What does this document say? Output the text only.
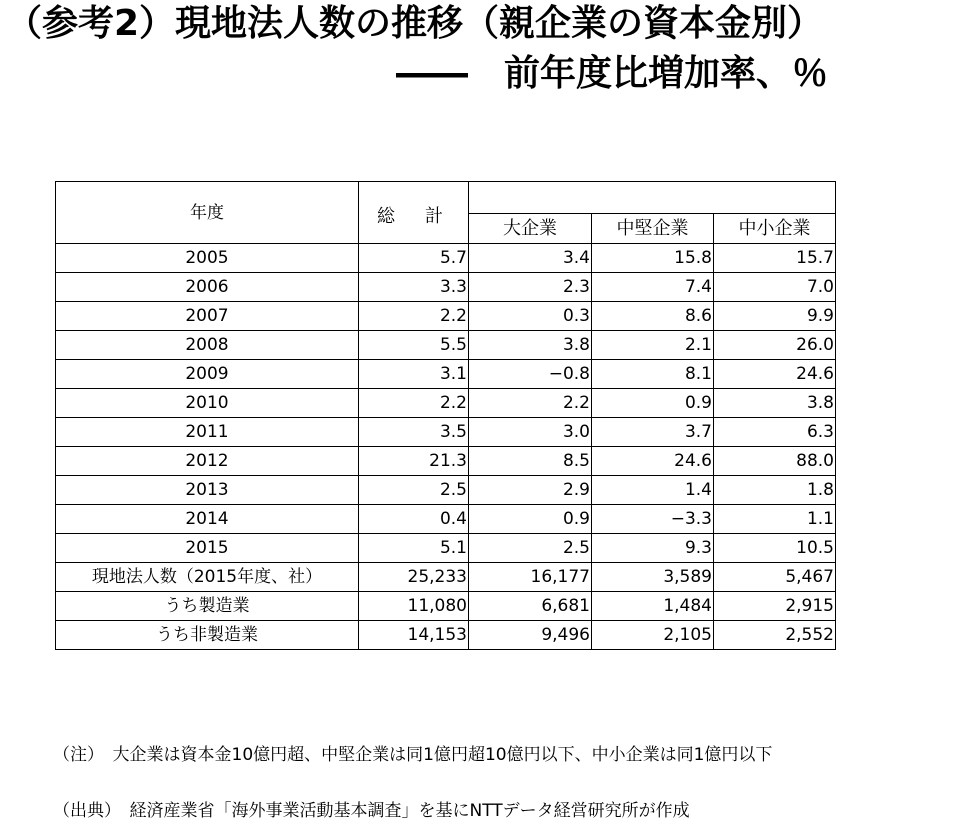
（参考2）現地法人数の推移（親企業の資本金別）
――　前年度比増加率、％
年度	総　計			
		大企業	中堅企業	中小企業
2005	5.7	3.4	15.8	15.7
2006	3.3	2.3	7.4	7.0
2007	2.2	0.3	8.6	9.9
2008	5.5	3.8	2.1	26.0
2009	3.1	−0.8	8.1	24.6
2010	2.2	2.2	0.9	3.8
2011	3.5	3.0	3.7	6.3
2012	21.3	8.5	24.6	88.0
2013	2.5	2.9	1.4	1.8
2014	0.4	0.9	−3.3	1.1
2015	5.1	2.5	9.3	10.5
現地法人数（2015年度、社）	25,233	16,177	3,589	5,467
うち製造業	11,080	6,681	1,484	2,915
うち非製造業	14,153	9,496	2,105	2,552
（注）　大企業は資本金10億円超、中堅企業は同1億円超10億円以下、中小企業は同1億円以下
（出典）　経済産業省「海外事業活動基本調査」を基にNTTデータ経営研究所が作成
